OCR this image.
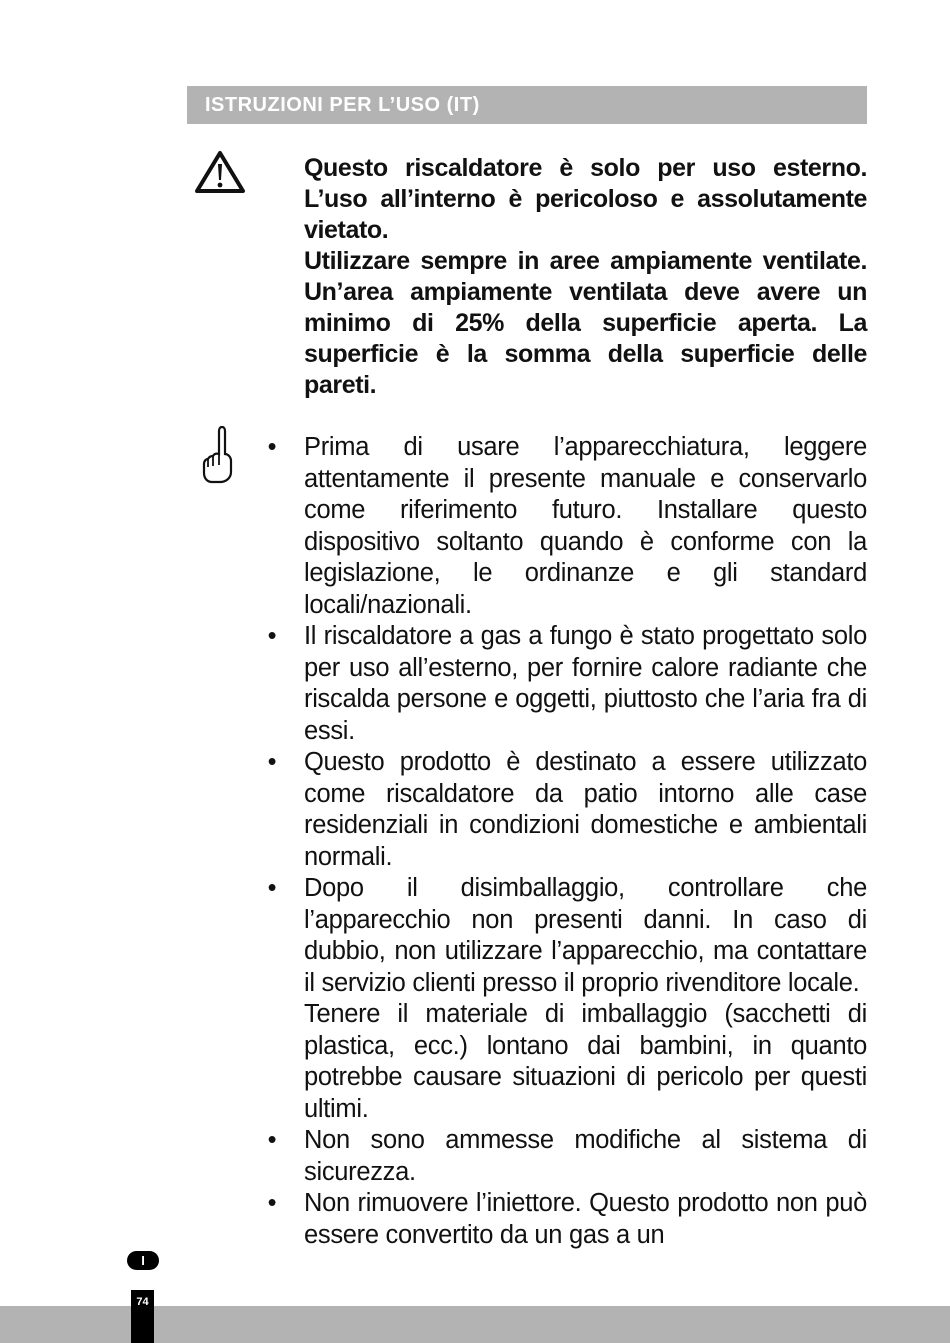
ISTRUZIONI PER L’USO (IT)

Questo riscaldatore è solo per uso esterno. L’uso all’interno è pericoloso e assolutamente vietato.

Utilizzare sempre in aree ampiamente ventilate. Un’area ampiamente ventilata deve avere un minimo di 25% della superficie aperta. La superficie è la somma della superficie delle pareti.

• Prima di usare l’apparecchiatura, leggere attentamente il presente manuale e conservarlo come riferimento futuro. Installare questo dispositivo soltanto quando è conforme con la legislazione, le ordinanze e gli standard locali/nazionali.

• Il riscaldatore a gas a fungo è stato progettato solo per uso all’esterno, per fornire calore radiante che riscalda persone e oggetti, piuttosto che l’aria fra di essi.

• Questo prodotto è destinato a essere utilizzato come riscaldatore da patio intorno alle case residenziali in condizioni domestiche e ambientali normali.

• Dopo il disimballaggio, controllare che l’apparecchio non presenti danni. In caso di dubbio, non utilizzare l’apparecchio, ma contattare il servizio clienti presso il proprio rivenditore locale.

Tenere il materiale di imballaggio (sacchetti di plastica, ecc.) lontano dai bambini, in quanto potrebbe causare situazioni di pericolo per questi ultimi.

• Non sono ammesse modifiche al sistema di sicurezza.

• Non rimuovere l’iniettore. Questo prodotto non può essere convertito da un gas a un

I
74
